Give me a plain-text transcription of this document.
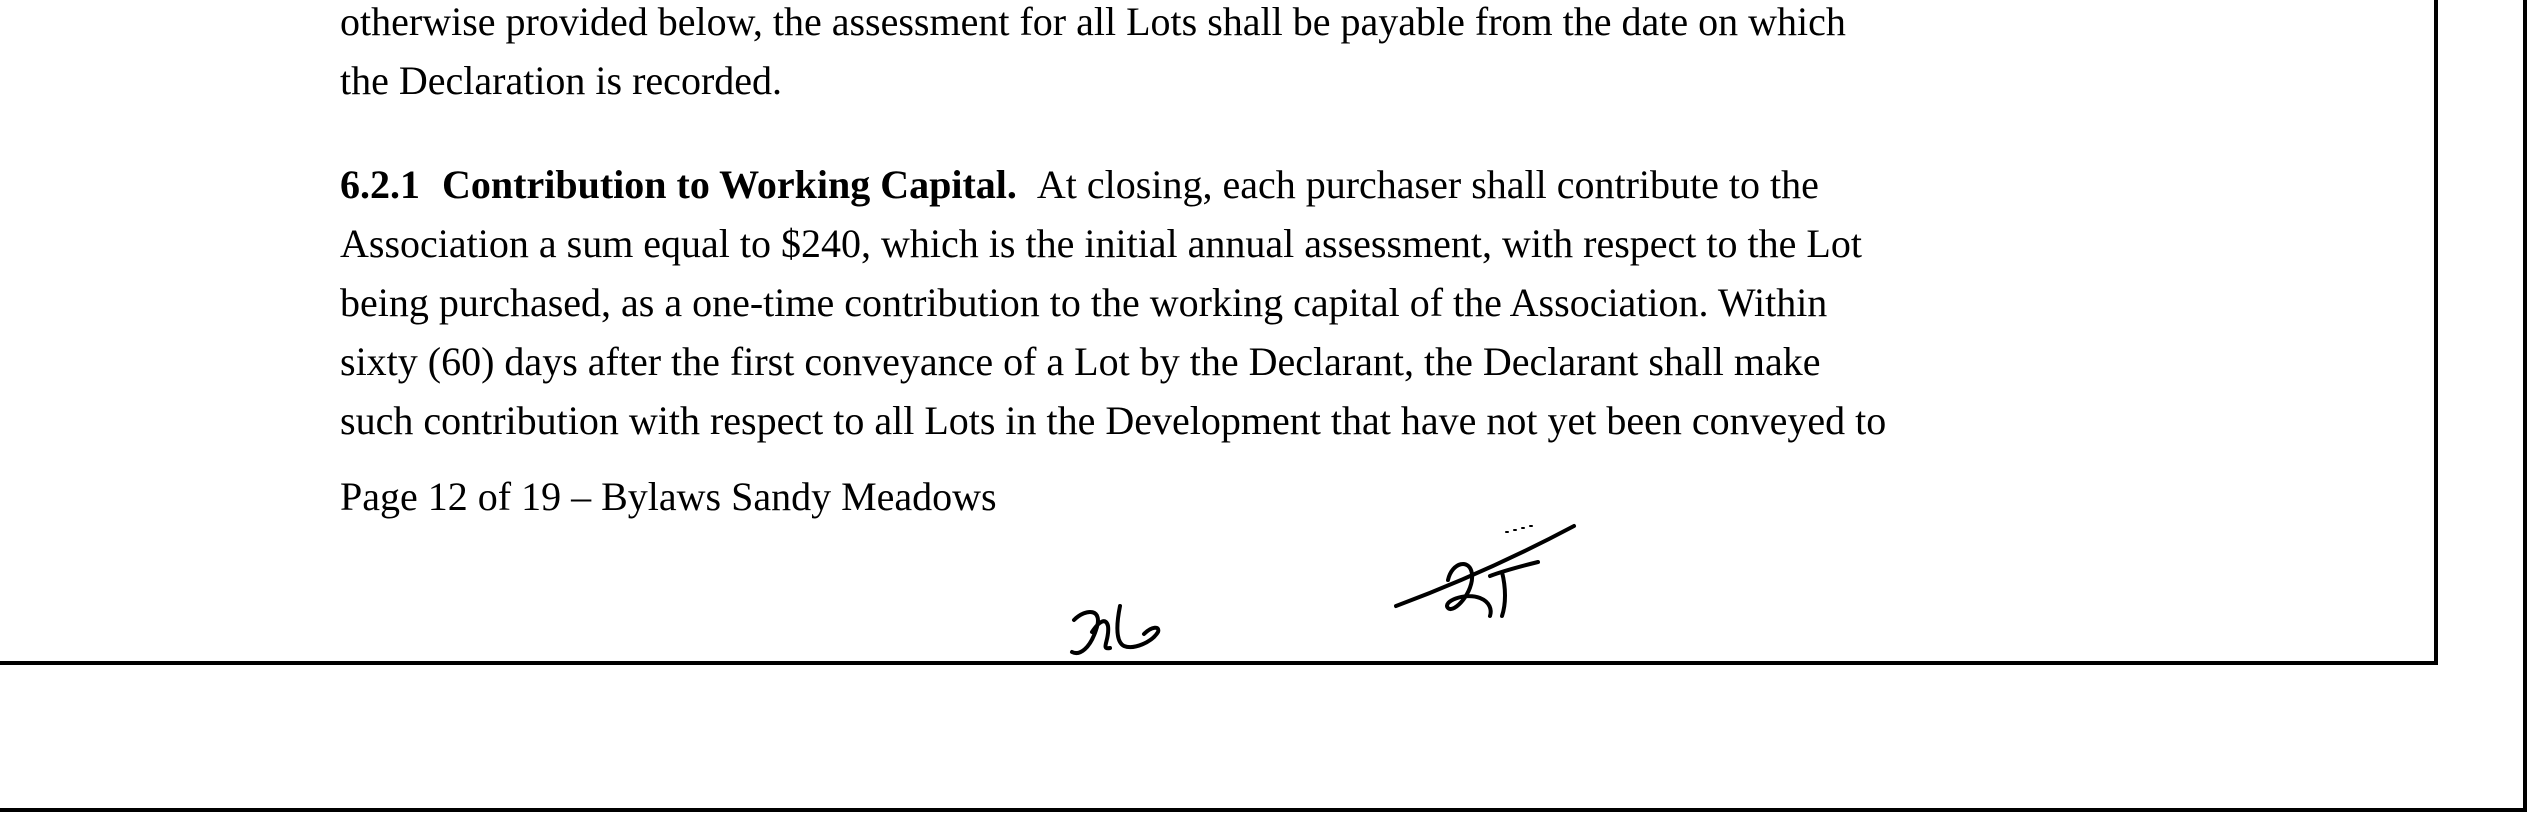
otherwise provided below, the assessment for all Lots shall be payable from the date on which
the Declaration is recorded.
6.2.1 Contribution to Working Capital. At closing, each purchaser shall contribute to the
Association a sum equal to $240, which is the initial annual assessment, with respect to the Lot
being purchased, as a one-time contribution to the working capital of the Association. Within
sixty (60) days after the first conveyance of a Lot by the Declarant, the Declarant shall make
such contribution with respect to all Lots in the Development that have not yet been conveyed to
Page 12 of 19 – Bylaws Sandy Meadows
